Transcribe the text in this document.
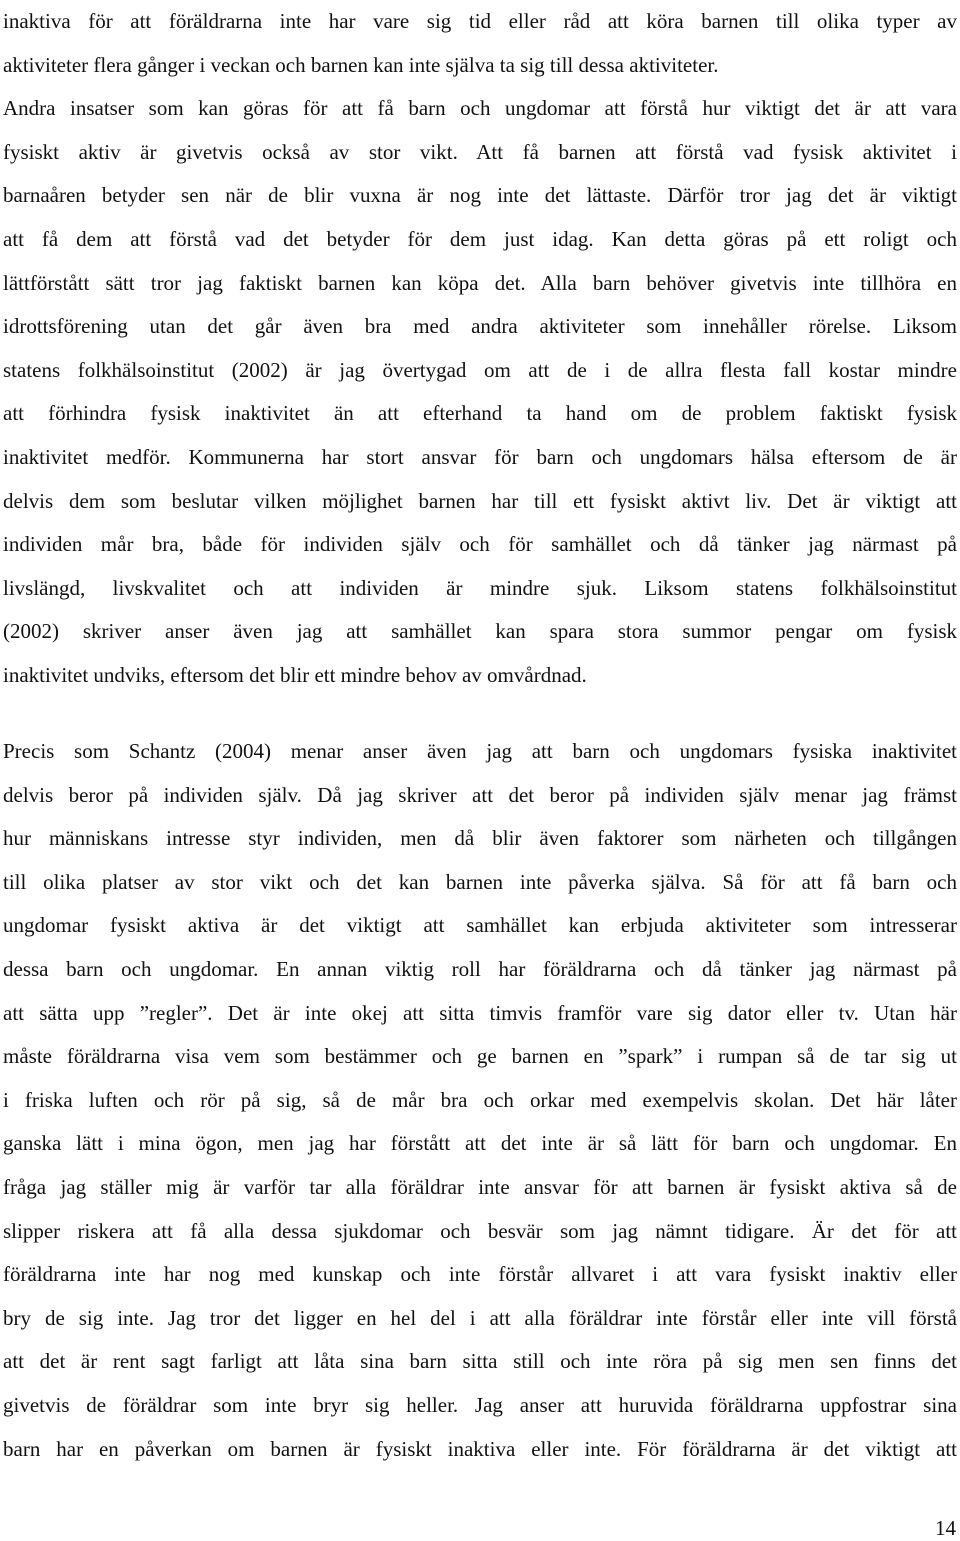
inaktiva för att föräldrarna inte har vare sig tid eller råd att köra barnen till olika typer av
aktiviteter flera gånger i veckan och barnen kan inte själva ta sig till dessa aktiviteter.
Andra insatser som kan göras för att få barn och ungdomar att förstå hur viktigt det är att vara
fysiskt aktiv är givetvis också av stor vikt. Att få barnen att förstå vad fysisk aktivitet i
barnaåren betyder sen när de blir vuxna är nog inte det lättaste. Därför tror jag det är viktigt
att få dem att förstå vad det betyder för dem just idag. Kan detta göras på ett roligt och
lättförstått sätt tror jag faktiskt barnen kan köpa det. Alla barn behöver givetvis inte tillhöra en
idrottsförening utan det går även bra med andra aktiviteter som innehåller rörelse. Liksom
statens folkhälsoinstitut (2002) är jag övertygad om att de i de allra flesta fall kostar mindre
att förhindra fysisk inaktivitet än att efterhand ta hand om de problem faktiskt fysisk
inaktivitet medför. Kommunerna har stort ansvar för barn och ungdomars hälsa eftersom de är
delvis dem som beslutar vilken möjlighet barnen har till ett fysiskt aktivt liv. Det är viktigt att
individen mår bra, både för individen själv och för samhället och då tänker jag närmast på
livslängd, livskvalitet och att individen är mindre sjuk. Liksom statens folkhälsoinstitut
(2002) skriver anser även jag att samhället kan spara stora summor pengar om fysisk
inaktivitet undviks, eftersom det blir ett mindre behov av omvårdnad.
Precis som Schantz (2004) menar anser även jag att barn och ungdomars fysiska inaktivitet
delvis beror på individen själv. Då jag skriver att det beror på individen själv menar jag främst
hur människans intresse styr individen, men då blir även faktorer som närheten och tillgången
till olika platser av stor vikt och det kan barnen inte påverka själva. Så för att få barn och
ungdomar fysiskt aktiva är det viktigt att samhället kan erbjuda aktiviteter som intresserar
dessa barn och ungdomar. En annan viktig roll har föräldrarna och då tänker jag närmast på
att sätta upp ”regler”. Det är inte okej att sitta timvis framför vare sig dator eller tv. Utan här
måste föräldrarna visa vem som bestämmer och ge barnen en ”spark” i rumpan så de tar sig ut
i friska luften och rör på sig, så de mår bra och orkar med exempelvis skolan. Det här låter
ganska lätt i mina ögon, men jag har förstått att det inte är så lätt för barn och ungdomar. En
fråga jag ställer mig är varför tar alla föräldrar inte ansvar för att barnen är fysiskt aktiva så de
slipper riskera att få alla dessa sjukdomar och besvär som jag nämnt tidigare. Är det för att
föräldrarna inte har nog med kunskap och inte förstår allvaret i att vara fysiskt inaktiv eller
bry de sig inte. Jag tror det ligger en hel del i att alla föräldrar inte förstår eller inte vill förstå
att det är rent sagt farligt att låta sina barn sitta still och inte röra på sig men sen finns det
givetvis de föräldrar som inte bryr sig heller. Jag anser att huruvida föräldrarna uppfostrar sina
barn har en påverkan om barnen är fysiskt inaktiva eller inte. För föräldrarna är det viktigt att
14
